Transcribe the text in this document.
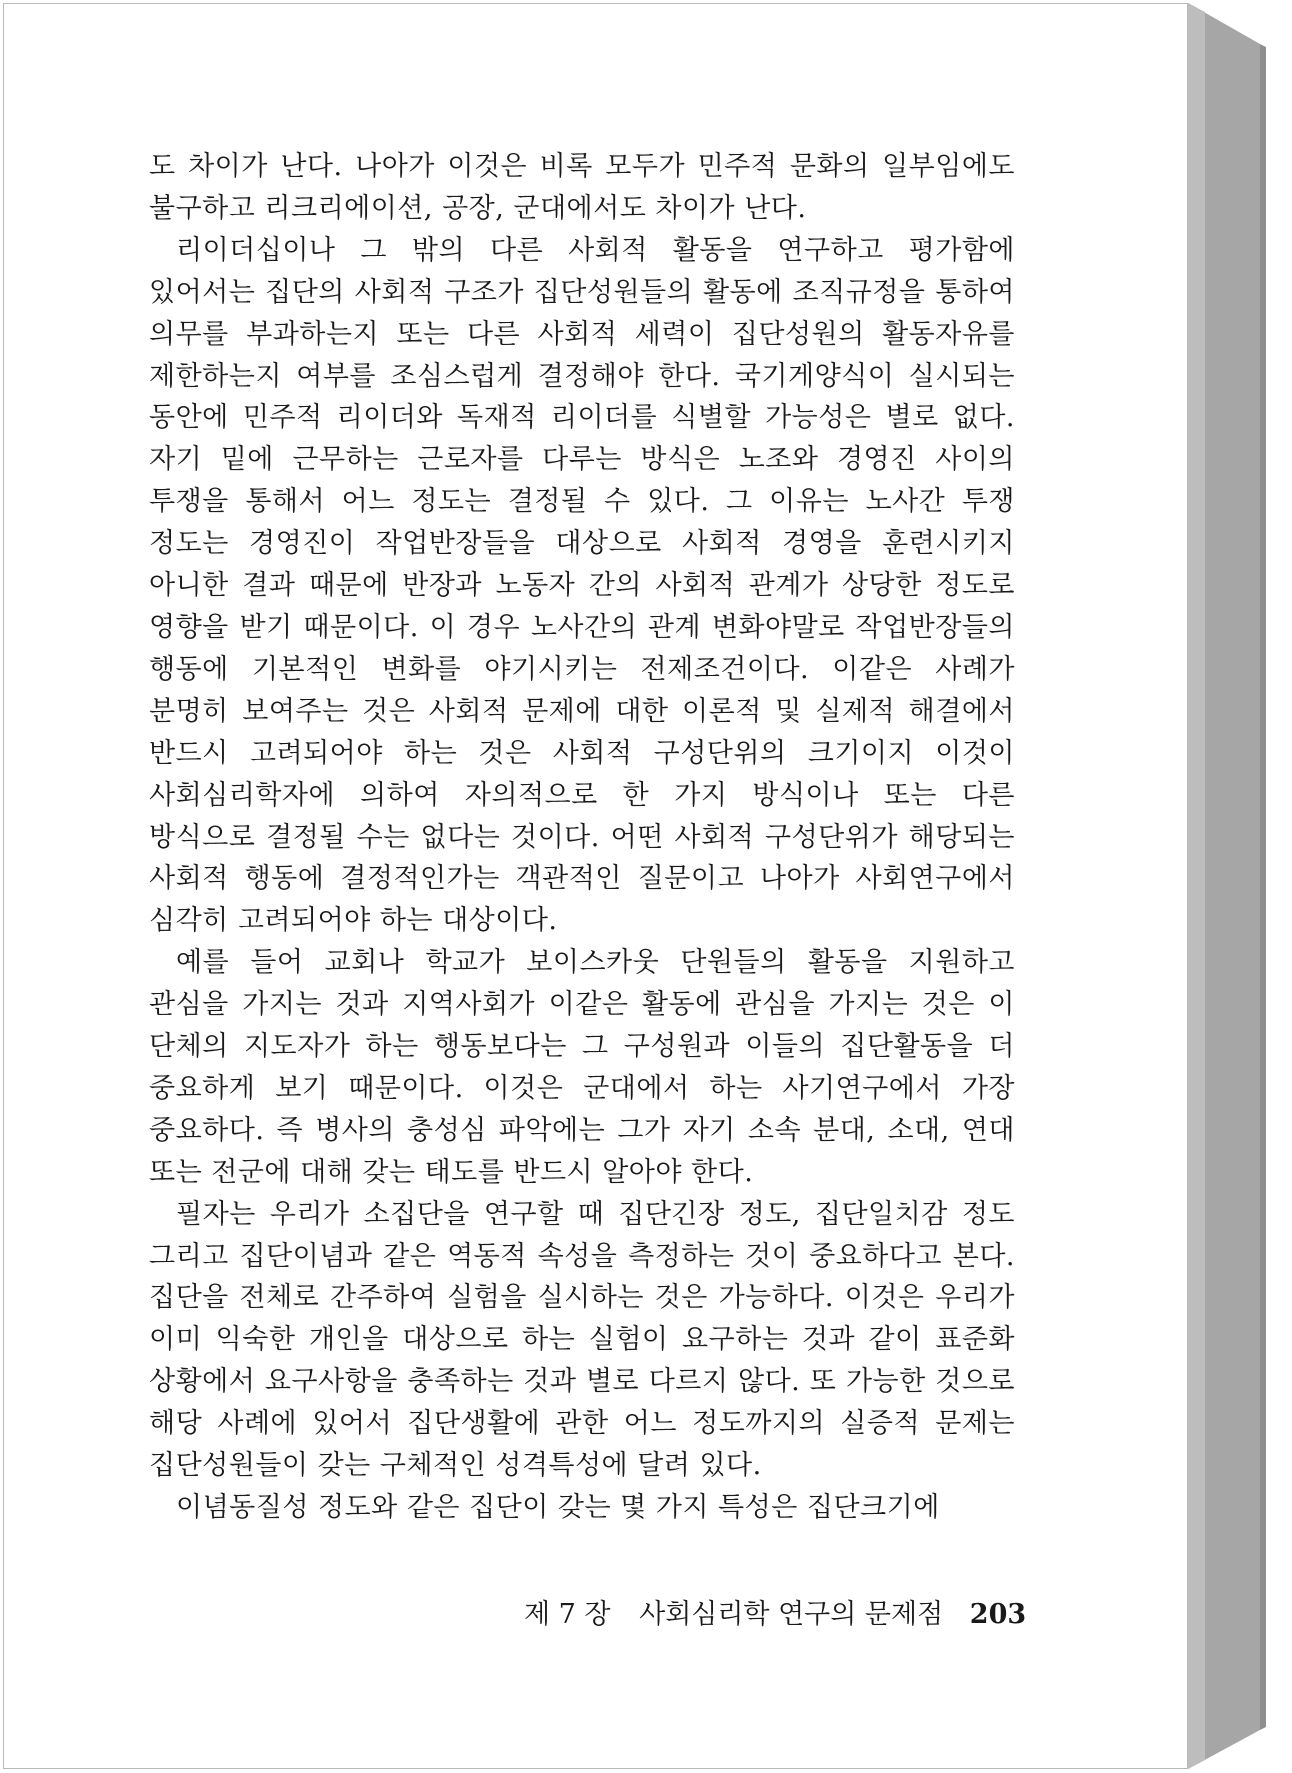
도 차이가 난다. 나아가 이것은 비록 모두가 민주적 문화의 일부임에도 불구하고 리크리에이션, 공장, 군대에서도 차이가 난다.

리이더십이나 그 밖의 다른 사회적 활동을 연구하고 평가함에 있어서는 집단의 사회적 구조가 집단성원들의 활동에 조직규정을 통하여 의무를 부과하는지 또는 다른 사회적 세력이 집단성원의 활동자유를 제한하는지 여부를 조심스럽게 결정해야 한다. 국기게양식이 실시되는 동안에 민주적 리이더와 독재적 리이더를 식별할 가능성은 별로 없다. 자기 밑에 근무하는 근로자를 다루는 방식은 노조와 경영진 사이의 투쟁을 통해서 어느 정도는 결정될 수 있다. 그 이유는 노사간 투쟁 정도는 경영진이 작업반장들을 대상으로 사회적 경영을 훈련시키지 아니한 결과 때문에 반장과 노동자 간의 사회적 관계가 상당한 정도로 영향을 받기 때문이다. 이 경우 노사간의 관계 변화야말로 작업반장들의 행동에 기본적인 변화를 야기시키는 전제조건이다. 이같은 사례가 분명히 보여주는 것은 사회적 문제에 대한 이론적 및 실제적 해결에서 반드시 고려되어야 하는 것은 사회적 구성단위의 크기이지 이것이 사회심리학자에 의하여 자의적으로 한 가지 방식이나 또는 다른 방식으로 결정될 수는 없다는 것이다. 어떤 사회적 구성단위가 해당되는 사회적 행동에 결정적인가는 객관적인 질문이고 나아가 사회연구에서 심각히 고려되어야 하는 대상이다.

예를 들어 교회나 학교가 보이스카웃 단원들의 활동을 지원하고 관심을 가지는 것과 지역사회가 이같은 활동에 관심을 가지는 것은 이 단체의 지도자가 하는 행동보다는 그 구성원과 이들의 집단활동을 더 중요하게 보기 때문이다. 이것은 군대에서 하는 사기연구에서 가장 중요하다. 즉 병사의 충성심 파악에는 그가 자기 소속 분대, 소대, 연대 또는 전군에 대해 갖는 태도를 반드시 알아야 한다.

필자는 우리가 소집단을 연구할 때 집단긴장 정도, 집단일치감 정도 그리고 집단이념과 같은 역동적 속성을 측정하는 것이 중요하다고 본다. 집단을 전체로 간주하여 실험을 실시하는 것은 가능하다. 이것은 우리가 이미 익숙한 개인을 대상으로 하는 실험이 요구하는 것과 같이 표준화 상황에서 요구사항을 충족하는 것과 별로 다르지 않다. 또 가능한 것으로 해당 사례에 있어서 집단생활에 관한 어느 정도까지의 실증적 문제는 집단성원들이 갖는 구체적인 성격특성에 달려 있다.

이념동질성 정도와 같은 집단이 갖는 몇 가지 특성은 집단크기에

제 7 장 사회심리학 연구의 문제점 203
